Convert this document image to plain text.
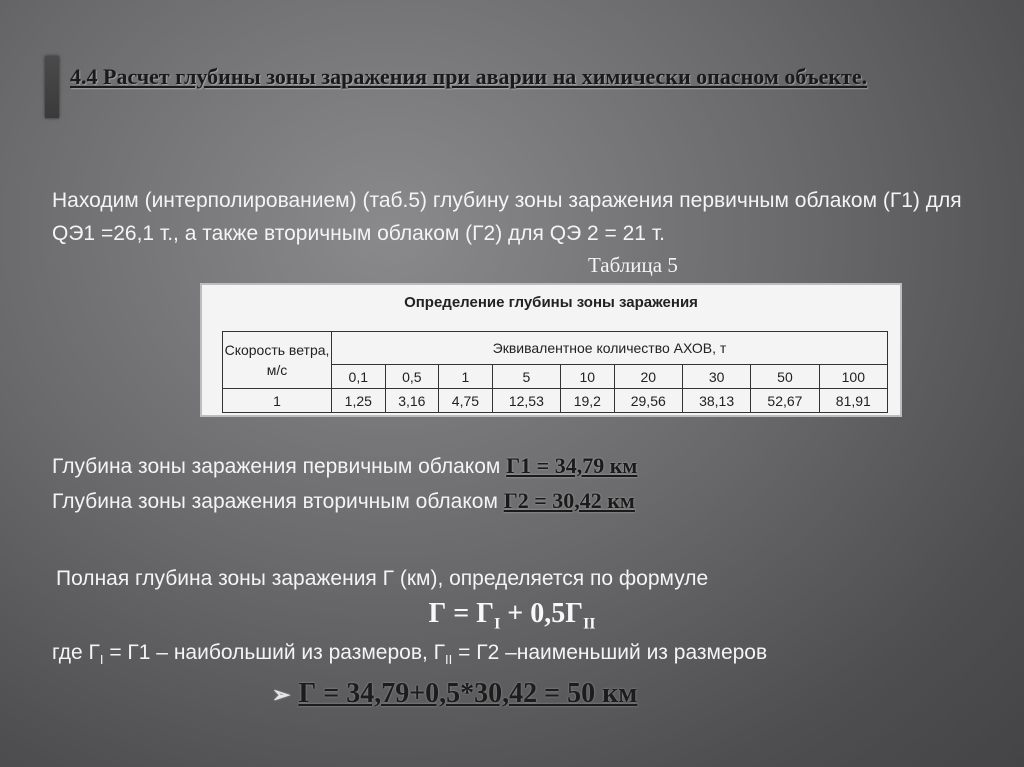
4.4 Расчет глубины зоны заражения при аварии на химически опасном объекте.
Находим (интерполированием) (таб.5) глубину зоны заражения первичным облаком (Г1) для QЭ1 =26,1 т., а также вторичным облаком (Г2) для QЭ 2 = 21 т.
Таблица 5
Определение глубины зоны заражения
Скорость ветра, м/с	Эквивалентное количество АХОВ, т								
	0,1	0,5	1	5	10	20	30	50	100
1	1,25	3,16	4,75	12,53	19,2	29,56	38,13	52,67	81,91
Глубина зоны заражения первичным облаком Г1 = 34,79 км
Глубина зоны заражения вторичным облаком Г2 = 30,42 км
Полная глубина зоны заражения Г (км), определяется по формуле
$Г = Г_I + 0,5Г_{II}$
где $Г_I = Г1$ – наибольший из размеров, $Г_{II} = Г2$ –наименьший из размеров
➢ Г = 34,79+0,5*30,42 = 50 км
